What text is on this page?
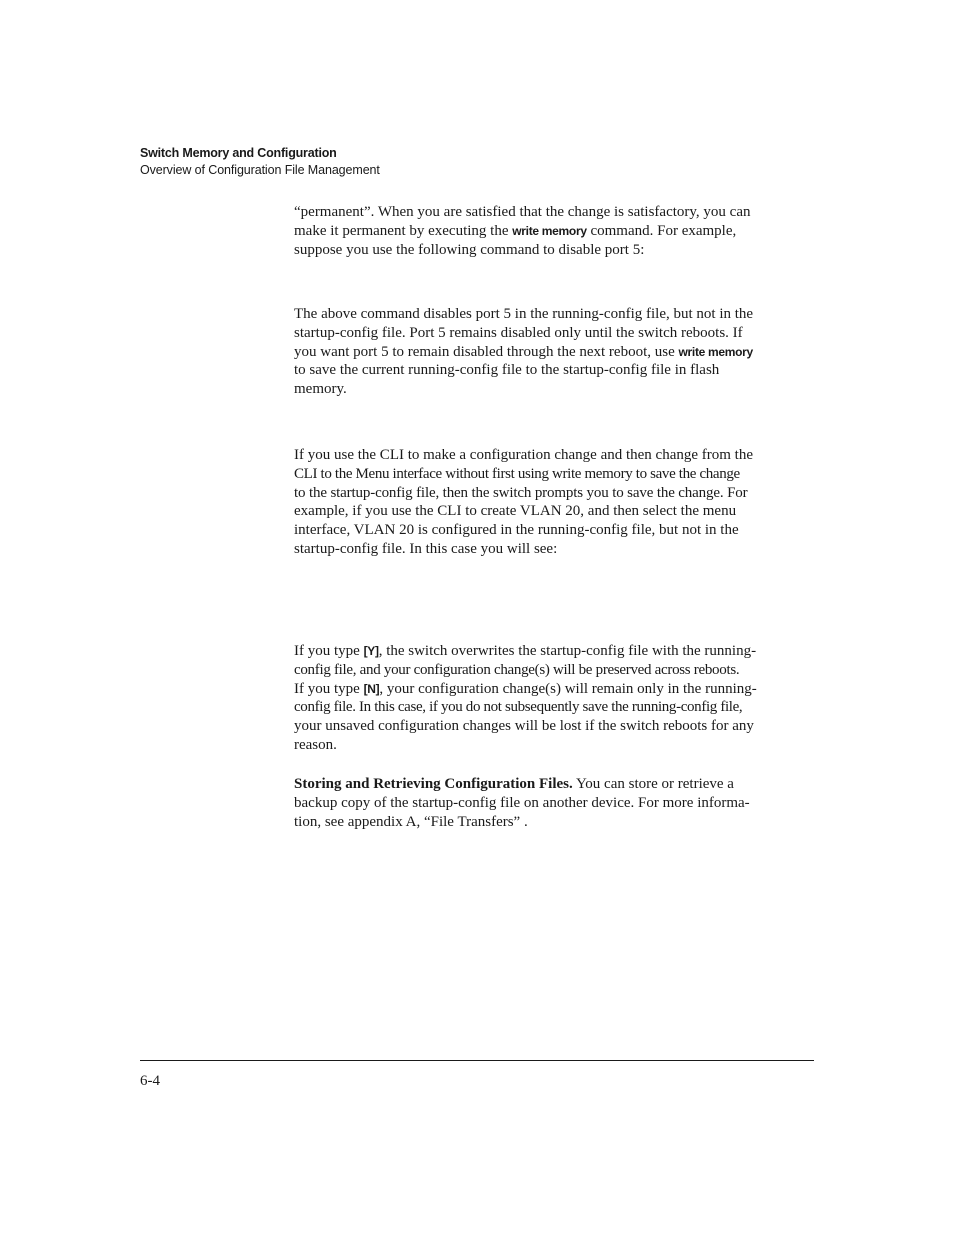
Switch Memory and Configuration
Overview of Configuration File Management
“permanent”. When you are satisfied that the change is satisfactory, you can
make it permanent by executing the write memory command. For example,
suppose you use the following command to disable port 5:
The above command disables port 5 in the running-config file, but not in the
startup-config file. Port 5 remains disabled only until the switch reboots. If
you want port 5 to remain disabled through the next reboot, use write memory
to save the current running-config file to the startup-config file in flash
memory.
If you use the CLI to make a configuration change and then change from the
CLI to the Menu interface without first using write memory to save the change
to the startup-config file, then the switch prompts you to save the change. For
example, if you use the CLI to create VLAN 20, and then select the menu
interface, VLAN 20 is configured in the running-config file, but not in the
startup-config file. In this case you will see:
If you type [Y], the switch overwrites the startup-config file with the running-
config file, and your configuration change(s) will be preserved across reboots.
If you type [N], your configuration change(s) will remain only in the running-
config file. In this case, if you do not subsequently save the running-config file,
your unsaved configuration changes will be lost if the switch reboots for any
reason.
Storing and Retrieving Configuration Files. You can store or retrieve a
backup copy of the startup-config file on another device. For more informa-
tion, see appendix A, “File Transfers” .
6-4
